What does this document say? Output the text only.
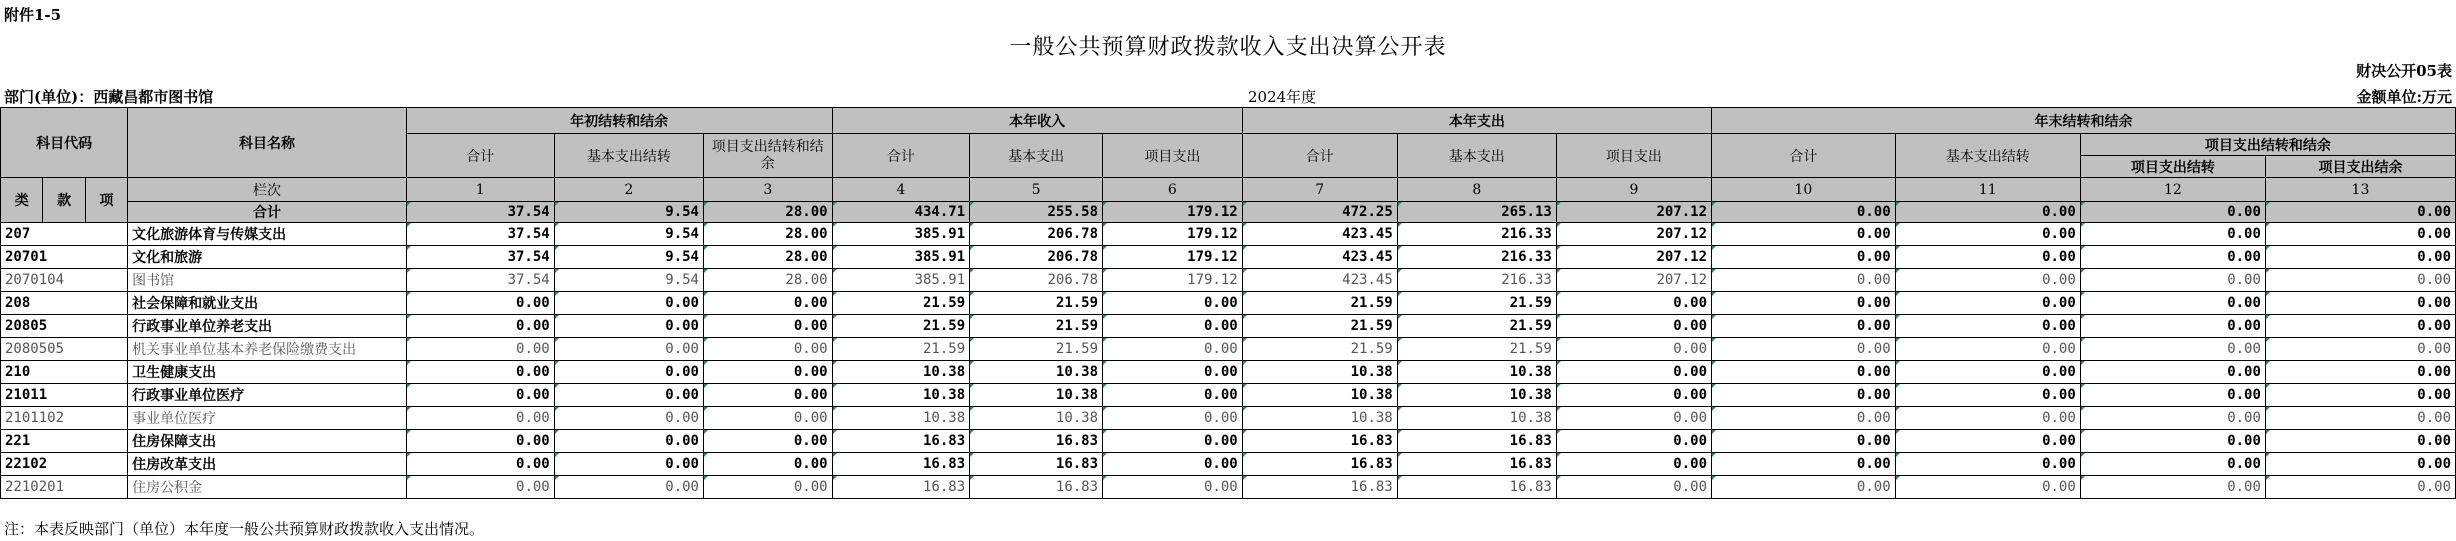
附件1-5
一般公共预算财政拨款收入支出决算公开表
财决公开05表
部门(单位)：西藏昌都市图书馆	2024年度	金额单位:万元
科目代码			科目名称	年初结转和结余			本年收入			本年支出			年末结转和结余			
				合计	基本支出结转	项目支出结转和结余	合计	基本支出	项目支出	合计	基本支出	项目支出	合计	基本支出结转	项目支出结转和结余	
															项目支出结转	项目支出结余
类	款	项	栏次	1	2	3	4	5	6	7	8	9	10	11	12	13
			合计	37.54	9.54	28.00	434.71	255.58	179.12	472.25	265.13	207.12	0.00	0.00	0.00	0.00
207			文化旅游体育与传媒支出	37.54	9.54	28.00	385.91	206.78	179.12	423.45	216.33	207.12	0.00	0.00	0.00	0.00
20701			文化和旅游	37.54	9.54	28.00	385.91	206.78	179.12	423.45	216.33	207.12	0.00	0.00	0.00	0.00
2070104			图书馆	37.54	9.54	28.00	385.91	206.78	179.12	423.45	216.33	207.12	0.00	0.00	0.00	0.00
208			社会保障和就业支出	0.00	0.00	0.00	21.59	21.59	0.00	21.59	21.59	0.00	0.00	0.00	0.00	0.00
20805			行政事业单位养老支出	0.00	0.00	0.00	21.59	21.59	0.00	21.59	21.59	0.00	0.00	0.00	0.00	0.00
2080505			机关事业单位基本养老保险缴费支出	0.00	0.00	0.00	21.59	21.59	0.00	21.59	21.59	0.00	0.00	0.00	0.00	0.00
210			卫生健康支出	0.00	0.00	0.00	10.38	10.38	0.00	10.38	10.38	0.00	0.00	0.00	0.00	0.00
21011			行政事业单位医疗	0.00	0.00	0.00	10.38	10.38	0.00	10.38	10.38	0.00	0.00	0.00	0.00	0.00
2101102			事业单位医疗	0.00	0.00	0.00	10.38	10.38	0.00	10.38	10.38	0.00	0.00	0.00	0.00	0.00
221			住房保障支出	0.00	0.00	0.00	16.83	16.83	0.00	16.83	16.83	0.00	0.00	0.00	0.00	0.00
22102			住房改革支出	0.00	0.00	0.00	16.83	16.83	0.00	16.83	16.83	0.00	0.00	0.00	0.00	0.00
2210201			住房公积金	0.00	0.00	0.00	16.83	16.83	0.00	16.83	16.83	0.00	0.00	0.00	0.00	0.00
注：本表反映部门（单位）本年度一般公共预算财政拨款收入支出情况。
